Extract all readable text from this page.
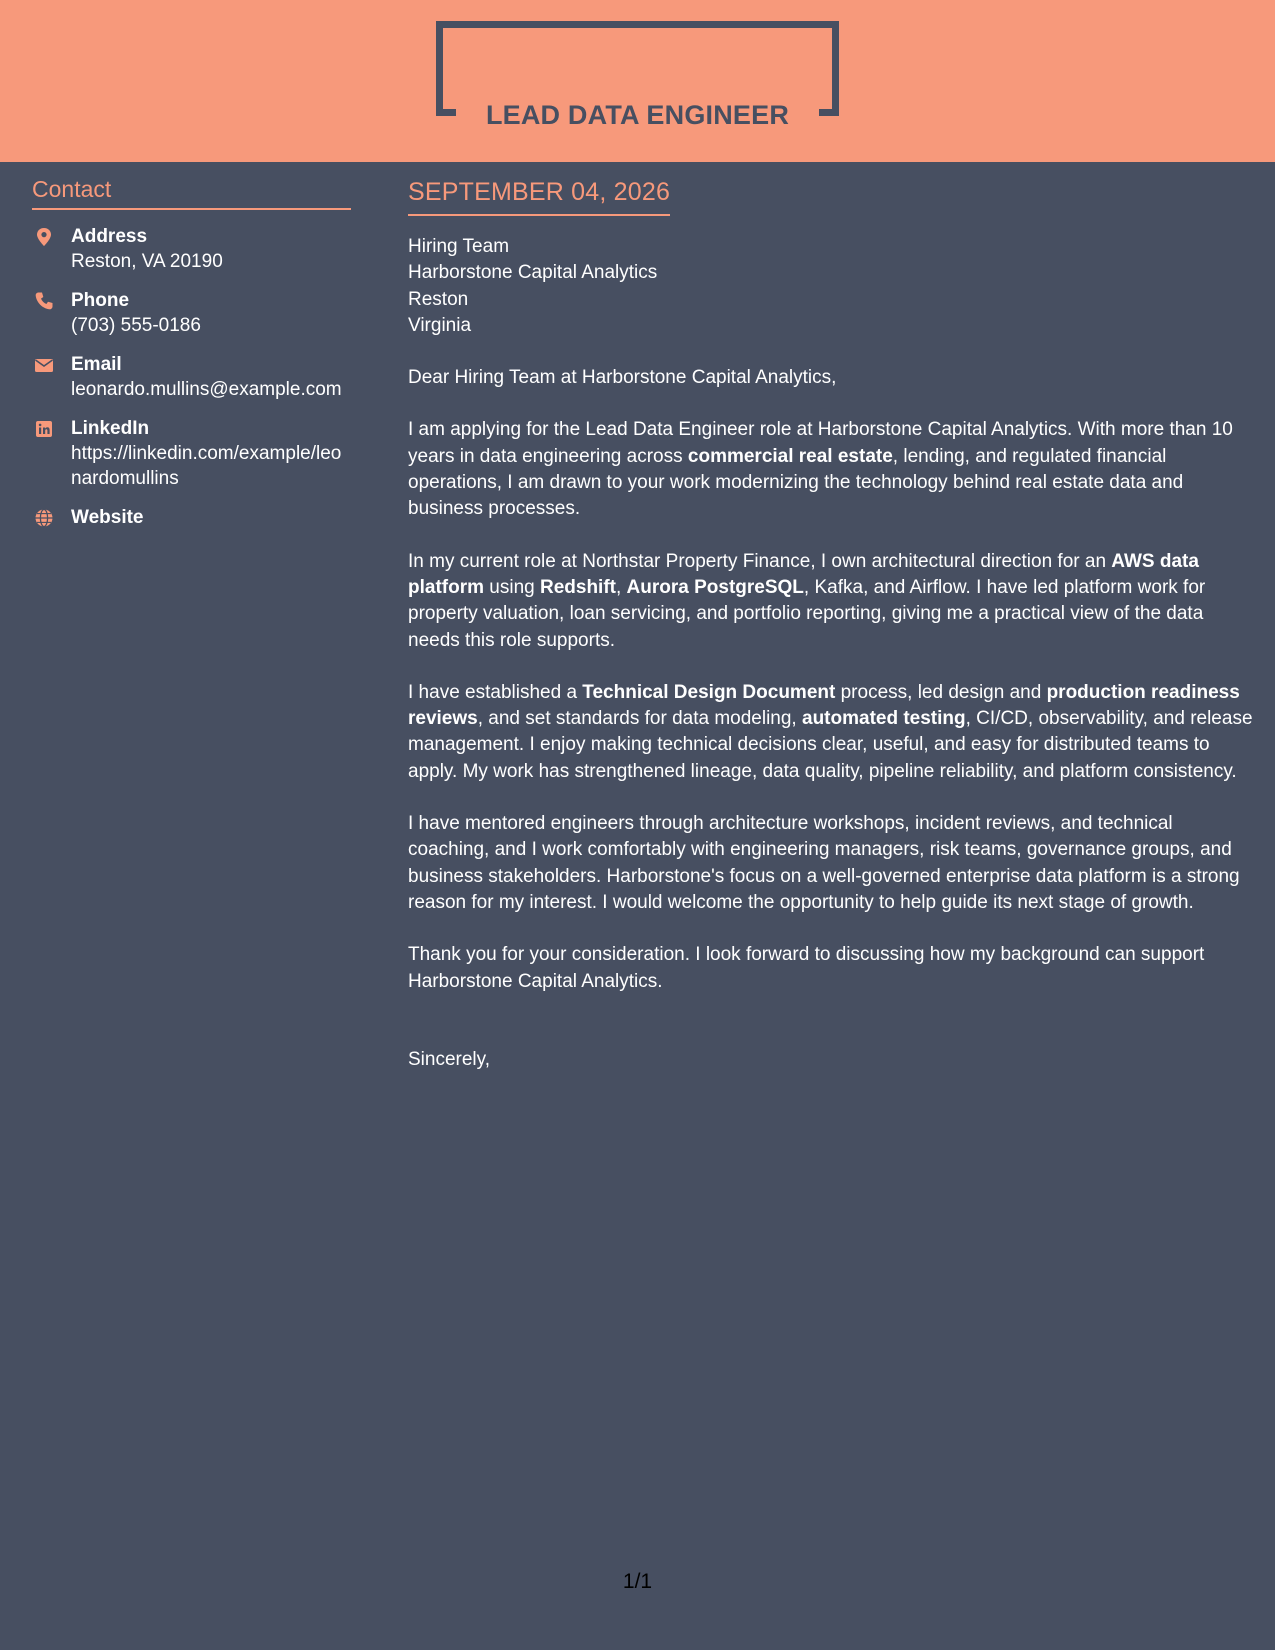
LEAD DATA ENGINEER
Contact
Address
Reston, VA 20190
Phone
(703) 555-0186
Email
leonardo.mullins@example.com
LinkedIn
https://linkedin.com/example/leonardomullins
Website
SEPTEMBER 04, 2026
Hiring Team
Harborstone Capital Analytics
Reston
Virginia
Dear Hiring Team at Harborstone Capital Analytics,

I am applying for the Lead Data Engineer role at Harborstone Capital Analytics. With more than 10 years in data engineering across commercial real estate, lending, and regulated financial operations, I am drawn to your work modernizing the technology behind real estate data and business processes.

In my current role at Northstar Property Finance, I own architectural direction for an AWS data platform using Redshift, Aurora PostgreSQL, Kafka, and Airflow. I have led platform work for property valuation, loan servicing, and portfolio reporting, giving me a practical view of the data needs this role supports.

I have established a Technical Design Document process, led design and production readiness reviews, and set standards for data modeling, automated testing, CI/CD, observability, and release management. I enjoy making technical decisions clear, useful, and easy for distributed teams to apply. My work has strengthened lineage, data quality, pipeline reliability, and platform consistency.

I have mentored engineers through architecture workshops, incident reviews, and technical coaching, and I work comfortably with engineering managers, risk teams, governance groups, and business stakeholders. Harborstone's focus on a well-governed enterprise data platform is a strong reason for my interest. I would welcome the opportunity to help guide its next stage of growth.

Thank you for your consideration. I look forward to discussing how my background can support Harborstone Capital Analytics.

Sincerely,
1/1
